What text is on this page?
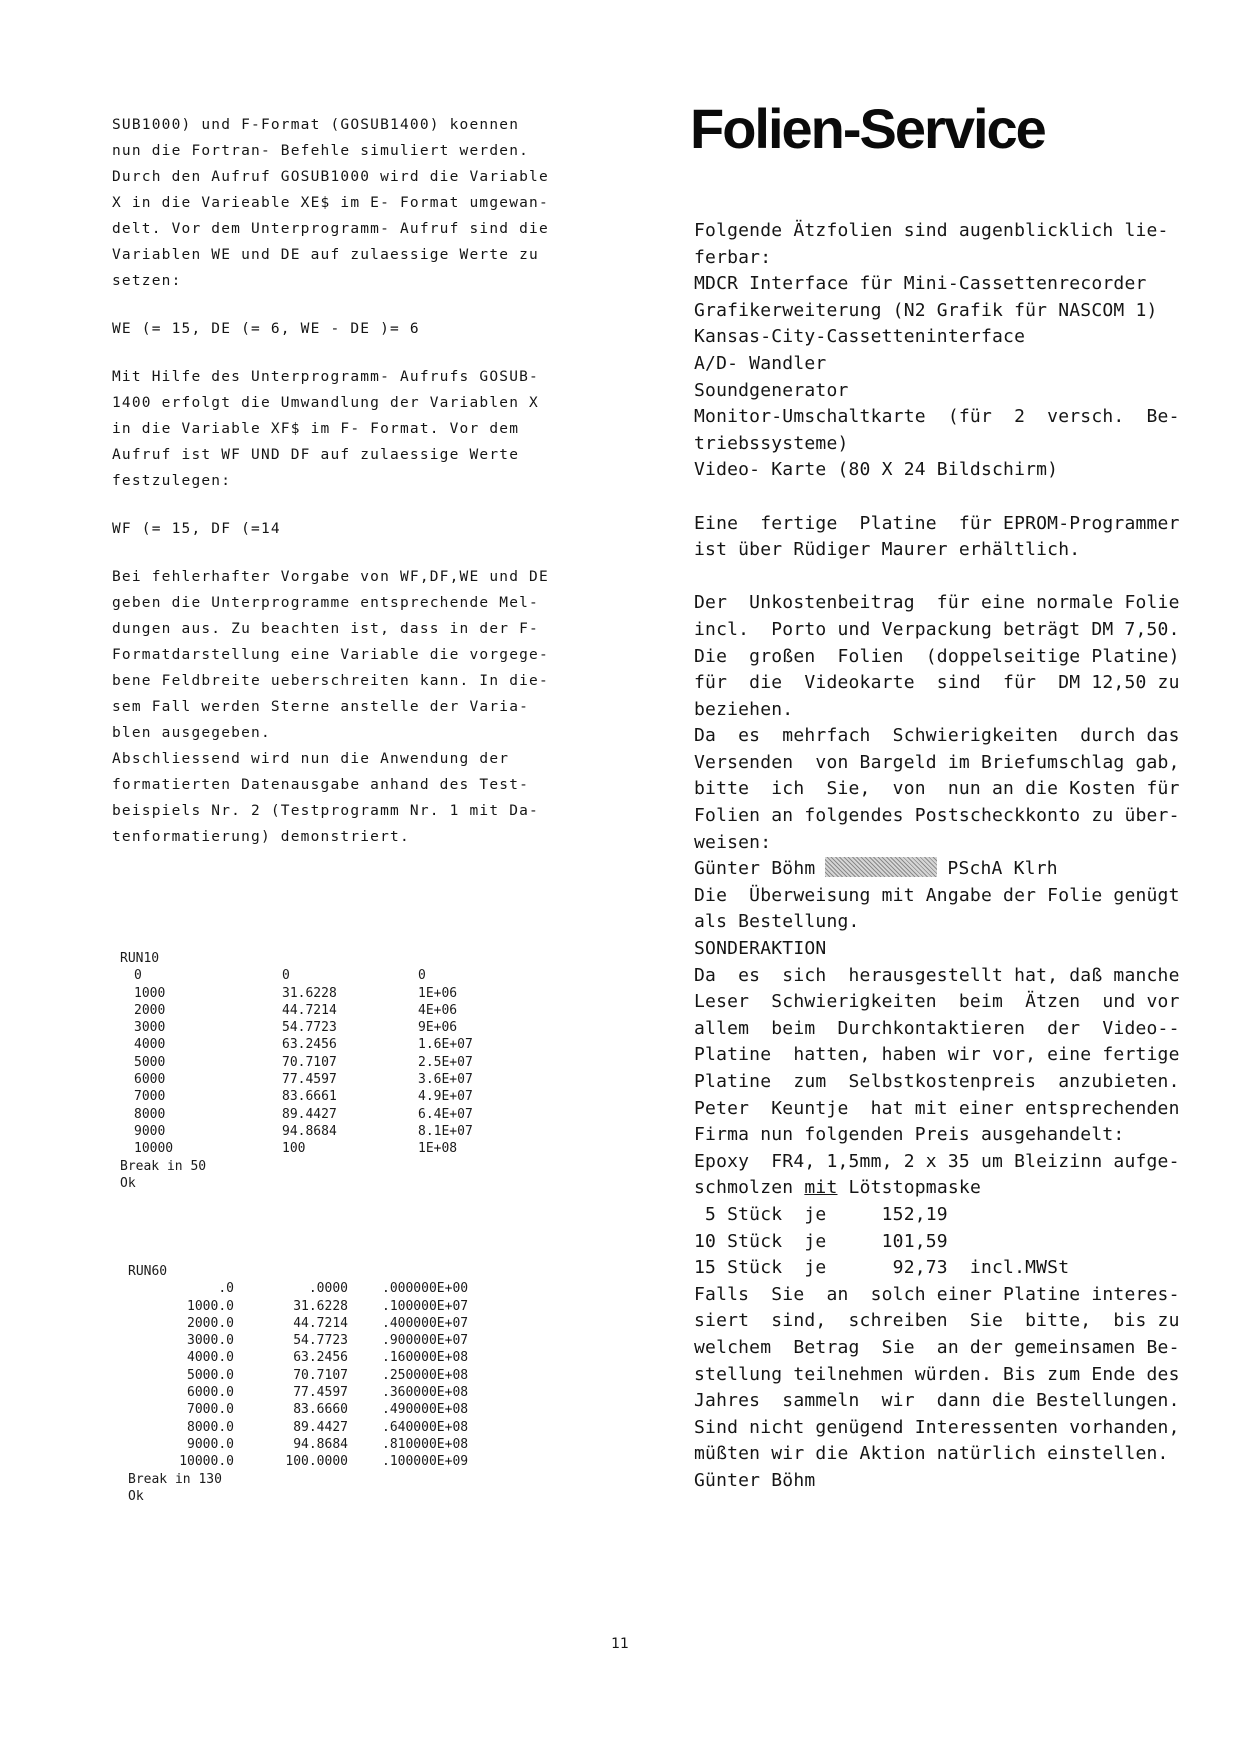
SUB1000) und F-Format (GOSUB1400) koennen
nun die Fortran- Befehle simuliert werden.
Durch den Aufruf GOSUB1000 wird die Variable
X in die Varieable XE$ im E- Format umgewan-
delt. Vor dem Unterprogramm- Aufruf sind die
Variablen WE und DE auf zulaessige Werte zu
setzen:

WE (= 15, DE (= 6, WE - DE )= 6

Mit Hilfe des Unterprogramm- Aufrufs GOSUB-
1400 erfolgt die Umwandlung der Variablen X
in die Variable XF$ im F- Format. Vor dem
Aufruf ist WF UND DF auf zulaessige Werte
festzulegen:

WF (= 15, DF (=14

Bei fehlerhafter Vorgabe von WF,DF,WE und DE
geben die Unterprogramme entsprechende Mel-
dungen aus. Zu beachten ist, dass in der F-
Formatdarstellung eine Variable die vorgege-
bene Feldbreite ueberschreiten kann. In die-
sem Fall werden Sterne anstelle der Varia-
blen ausgegeben.

Abschliessend wird nun die Anwendung der
formatierten Datenausgabe anhand des Test-
beispiels Nr. 2 (Testprogramm Nr. 1 mit Da-
tenformatierung) demonstriert.

RUN10
0	0	0
1000	31.6228	1E+06
2000	44.7214	4E+06
3000	54.7723	9E+06
4000	63.2456	1.6E+07
5000	70.7107	2.5E+07
6000	77.4597	3.6E+07
7000	83.6661	4.9E+07
8000	89.4427	6.4E+07
9000	94.8684	8.1E+07
10000	100	1E+08
Break in 50
Ok
RUN60
.0	.0000	.000000E+00
1000.0	31.6228	.100000E+07
2000.0	44.7214	.400000E+07
3000.0	54.7723	.900000E+07
4000.0	63.2456	.160000E+08
5000.0	70.7107	.250000E+08
6000.0	77.4597	.360000E+08
7000.0	83.6660	.490000E+08
8000.0	89.4427	.640000E+08
9000.0	94.8684	.810000E+08
10000.0	100.0000	.100000E+09
Break in 130
Ok
Folien-Service
Folgende Ätzfolien sind augenblicklich lie-
ferbar:
MDCR Interface für Mini-Cassettenrecorder
Grafikerweiterung (N2 Grafik für NASCOM 1)
Kansas-City-Cassetteninterface
A/D- Wandler
Soundgenerator
Monitor-Umschaltkarte  (für  2  versch.  Be-
triebssysteme)
Video- Karte (80 X 24 Bildschirm)
Eine  fertige  Platine  für EPROM-Programmer
ist über Rüdiger Maurer erhältlich.
Der  Unkostenbeitrag  für eine normale Folie
incl.  Porto und Verpackung beträgt DM 7,50.
Die  großen  Folien  (doppelseitige Platine)
für  die  Videokarte  sind  für  DM 12,50 zu
beziehen.
Da  es  mehrfach  Schwierigkeiten  durch das
Versenden  von Bargeld im Briefumschlag gab,
bitte  ich  Sie,  von  nun an die Kosten für
Folien an folgendes Postscheckkonto zu über-
weisen:
Günter Böhm	PSchA Klrh
Die  Überweisung mit Angabe der Folie genügt
als Bestellung.
SONDERAKTION
Da  es  sich  herausgestellt hat, daß manche
Leser  Schwierigkeiten  beim  Ätzen  und vor
allem  beim  Durchkontaktieren  der  Video--
Platine  hatten, haben wir vor, eine fertige
Platine  zum  Selbstkostenpreis  anzubieten.
Peter  Keuntje  hat mit einer entsprechenden
Firma nun folgenden Preis ausgehandelt:
Epoxy  FR4, 1,5mm, 2 x 35 um Bleizinn aufge-
schmolzen mit Lötstopmaske
5 Stück  je     152,19
10 Stück  je     101,59
15 Stück  je      92,73  incl.MWSt
Falls  Sie  an  solch einer Platine interes-
siert  sind,  schreiben  Sie  bitte,  bis zu
welchem  Betrag  Sie  an der gemeinsamen Be-
stellung teilnehmen würden. Bis zum Ende des
Jahres  sammeln  wir  dann die Bestellungen.
Sind nicht genügend Interessenten vorhanden,
müßten wir die Aktion natürlich einstellen.
Günter Böhm
11
